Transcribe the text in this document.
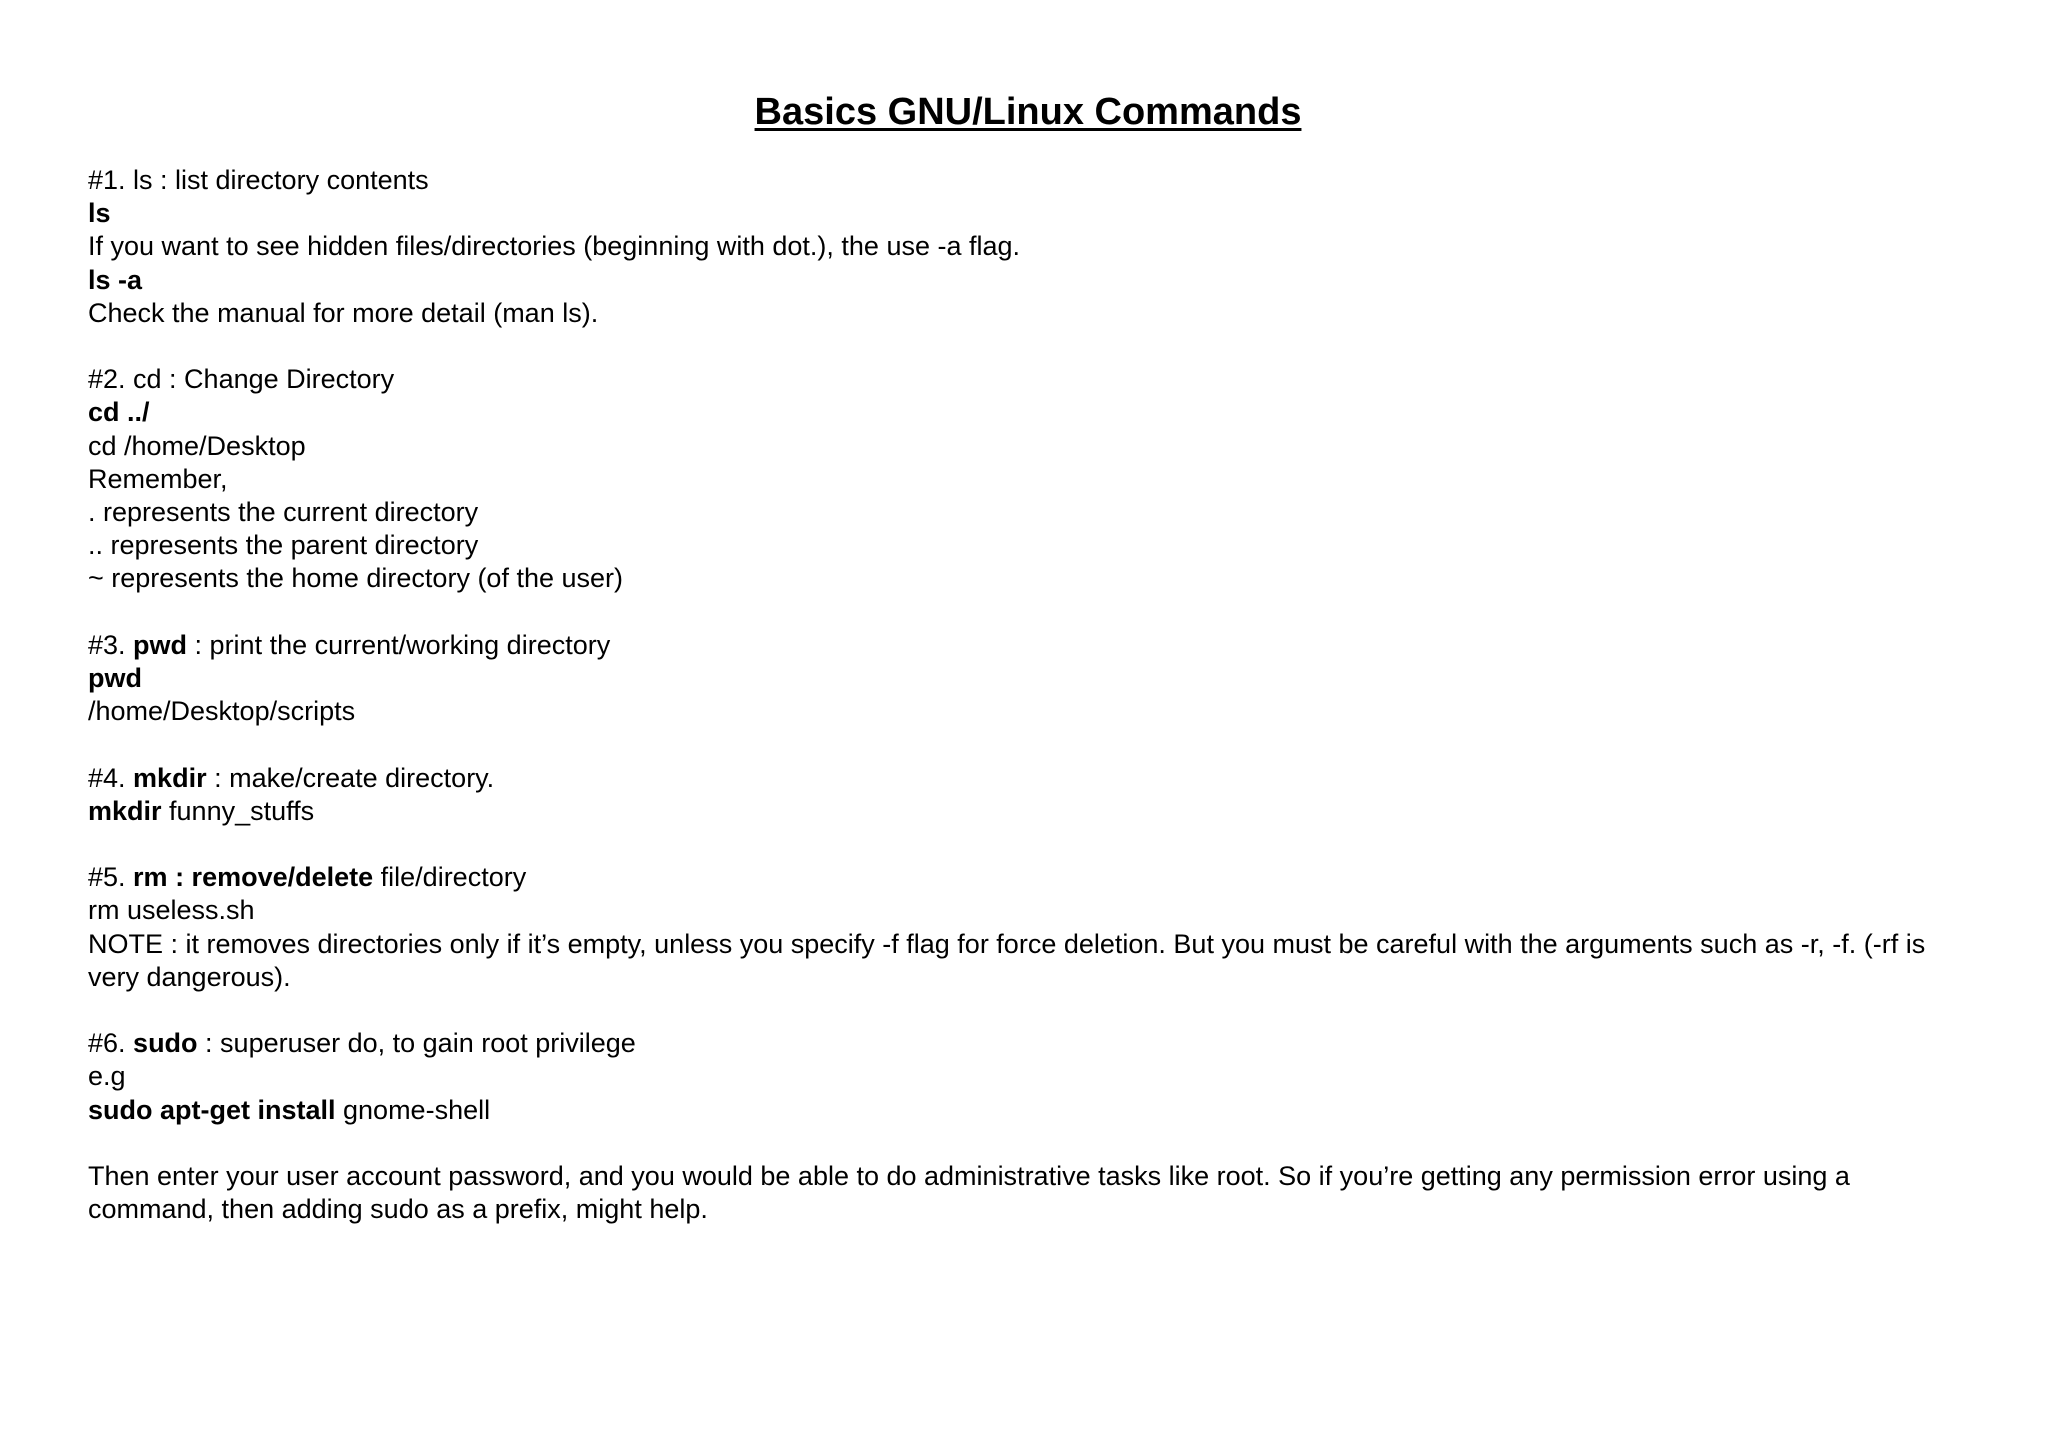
Basics GNU/Linux Commands
#1. ls : list directory contents
ls
If you want to see hidden files/directories (beginning with dot.), the use -a flag.
ls -a
Check the manual for more detail (man ls).
#2. cd : Change Directory
cd ../
cd /home/Desktop
Remember,
. represents the current directory
.. represents the parent directory
~ represents the home directory (of the user)
#3. pwd : print the current/working directory
pwd
/home/Desktop/scripts
#4. mkdir : make/create directory.
mkdir funny_stuffs
#5. rm : remove/delete file/directory
rm useless.sh
NOTE : it removes directories only if it’s empty, unless you specify -f flag for force deletion. But you must be careful with the arguments such as -r, -f. (-rf is very dangerous).
#6. sudo : superuser do, to gain root privilege
e.g
sudo apt-get install gnome-shell
Then enter your user account password, and you would be able to do administrative tasks like root. So if you’re getting any permission error using a command, then adding sudo as a prefix, might help.
